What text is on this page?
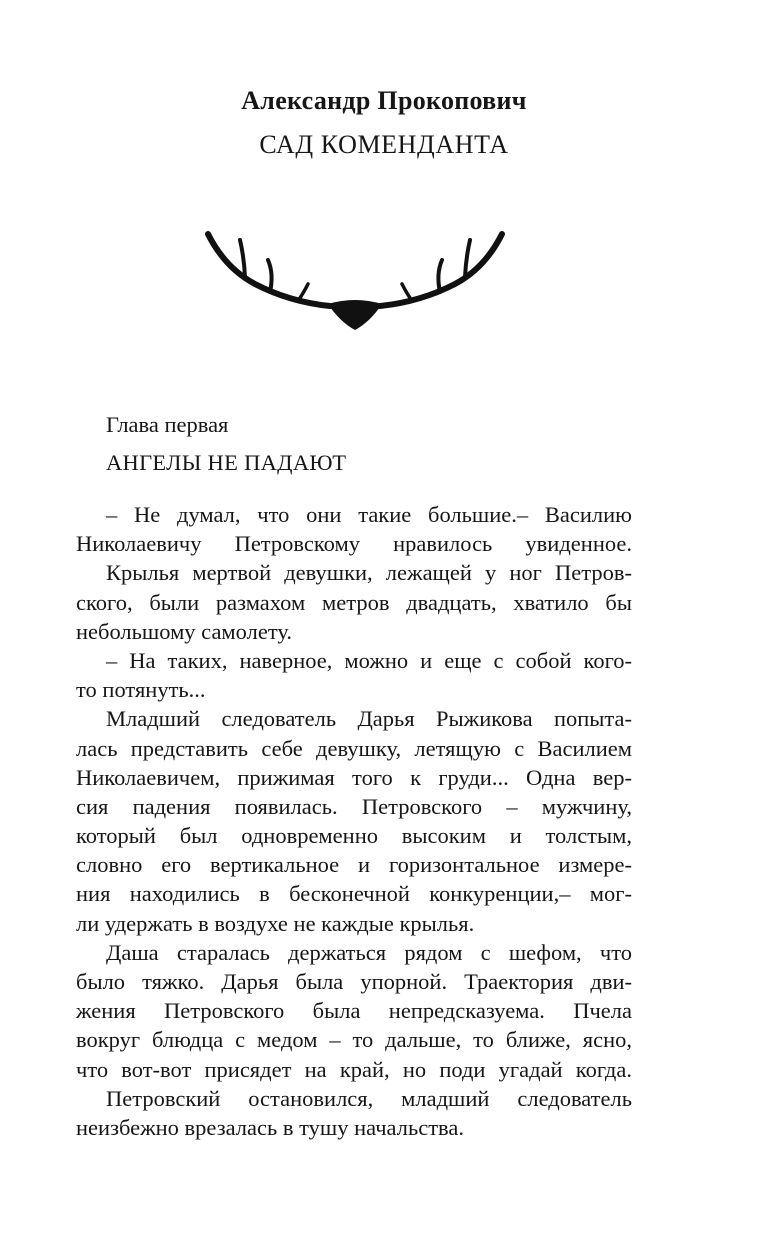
Александр Прокопович
САД КОМЕНДАНТА
Глава первая
АНГЕЛЫ НЕ ПАДАЮТ
– Не думал, что они такие большие.– Василию
Николаевичу Петровскому нравилось увиденное.
Крылья мертвой девушки, лежащей у ног Петров-
ского, были размахом метров двадцать, хватило бы
небольшому самолету.
– На таких, наверное, можно и еще с собой кого-
то потянуть...
Младший следователь Дарья Рыжикова попыта-
лась представить себе девушку, летящую с Василием
Николаевичем, прижимая того к груди... Одна вер-
сия падения появилась. Петровского – мужчину,
который был одновременно высоким и толстым,
словно его вертикальное и горизонтальное измере-
ния находились в бесконечной конкуренции,– мог-
ли удержать в воздухе не каждые крылья.
Даша старалась держаться рядом с шефом, что
было тяжко. Дарья была упорной. Траектория дви-
жения Петровского была непредсказуема. Пчела
вокруг блюдца с медом – то дальше, то ближе, ясно,
что вот-вот присядет на край, но поди угадай когда.
Петровский остановился, младший следователь
неизбежно врезалась в тушу начальства.
